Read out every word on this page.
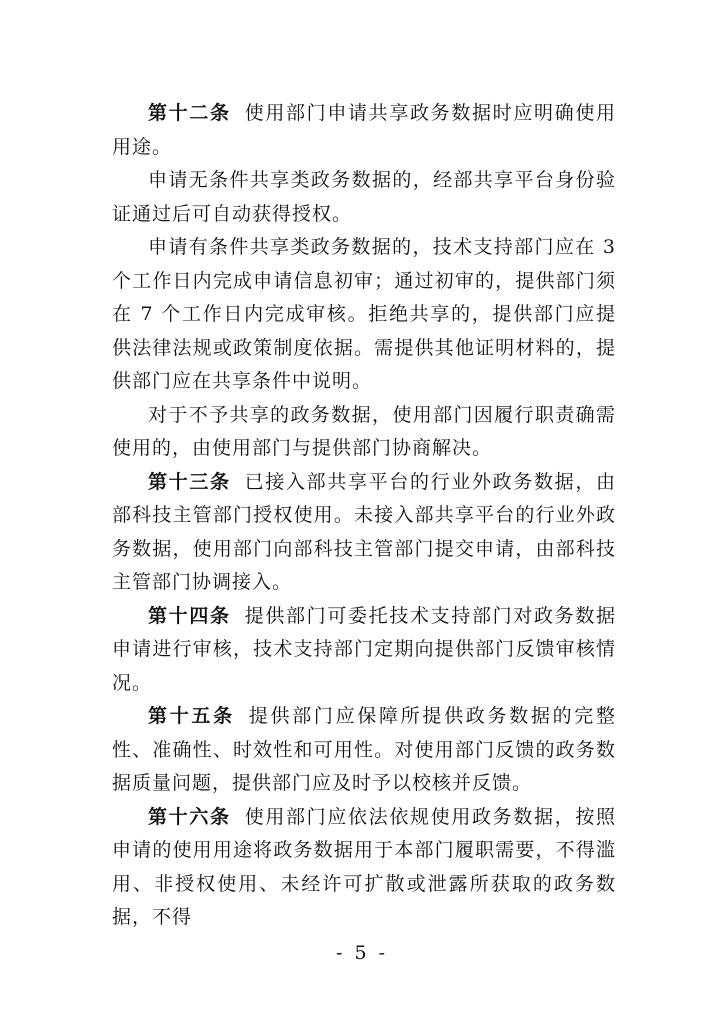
第十二条 使用部门申请共享政务数据时应明确使用用途。

申请无条件共享类政务数据的，经部共享平台身份验证通过后可自动获得授权。

申请有条件共享类政务数据的，技术支持部门应在 3 个工作日内完成申请信息初审；通过初审的，提供部门须在 7 个工作日内完成审核。拒绝共享的，提供部门应提供法律法规或政策制度依据。需提供其他证明材料的，提供部门应在共享条件中说明。

对于不予共享的政务数据，使用部门因履行职责确需使用的，由使用部门与提供部门协商解决。

第十三条 已接入部共享平台的行业外政务数据，由部科技主管部门授权使用。未接入部共享平台的行业外政务数据，使用部门向部科技主管部门提交申请，由部科技主管部门协调接入。

第十四条 提供部门可委托技术支持部门对政务数据申请进行审核，技术支持部门定期向提供部门反馈审核情况。

第十五条 提供部门应保障所提供政务数据的完整性、准确性、时效性和可用性。对使用部门反馈的政务数据质量问题，提供部门应及时予以校核并反馈。

第十六条 使用部门应依法依规使用政务数据，按照申请的使用用途将政务数据用于本部门履职需要，不得滥用、非授权使用、未经许可扩散或泄露所获取的政务数据，不得

- 5 -
